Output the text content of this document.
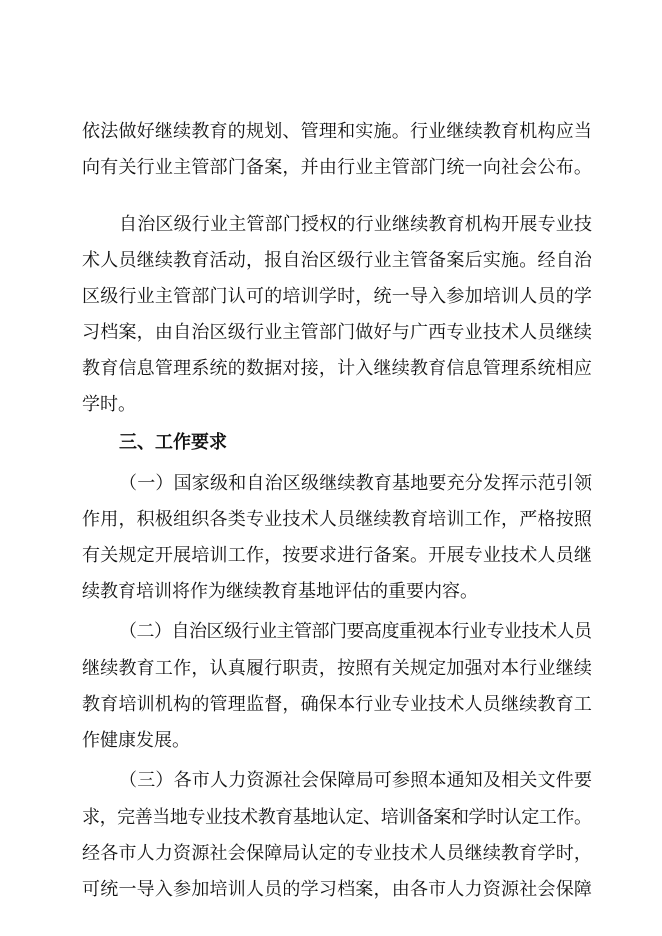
依法做好继续教育的规划、管理和实施。行业继续教育机构应当
向有关行业主管部门备案，并由行业主管部门统一向社会公布。
自治区级行业主管部门授权的行业继续教育机构开展专业技
术人员继续教育活动，报自治区级行业主管备案后实施。经自治
区级行业主管部门认可的培训学时，统一导入参加培训人员的学
习档案，由自治区级行业主管部门做好与广西专业技术人员继续
教育信息管理系统的数据对接，计入继续教育信息管理系统相应
学时。
三、工作要求
（一）国家级和自治区级继续教育基地要充分发挥示范引领
作用，积极组织各类专业技术人员继续教育培训工作，严格按照
有关规定开展培训工作，按要求进行备案。开展专业技术人员继
续教育培训将作为继续教育基地评估的重要内容。
（二）自治区级行业主管部门要高度重视本行业专业技术人员
继续教育工作，认真履行职责，按照有关规定加强对本行业继续
教育培训机构的管理监督，确保本行业专业技术人员继续教育工
作健康发展。
（三）各市人力资源社会保障局可参照本通知及相关文件要
求，完善当地专业技术教育基地认定、培训备案和学时认定工作。
经各市人力资源社会保障局认定的专业技术人员继续教育学时，
可统一导入参加培训人员的学习档案，由各市人力资源社会保障
